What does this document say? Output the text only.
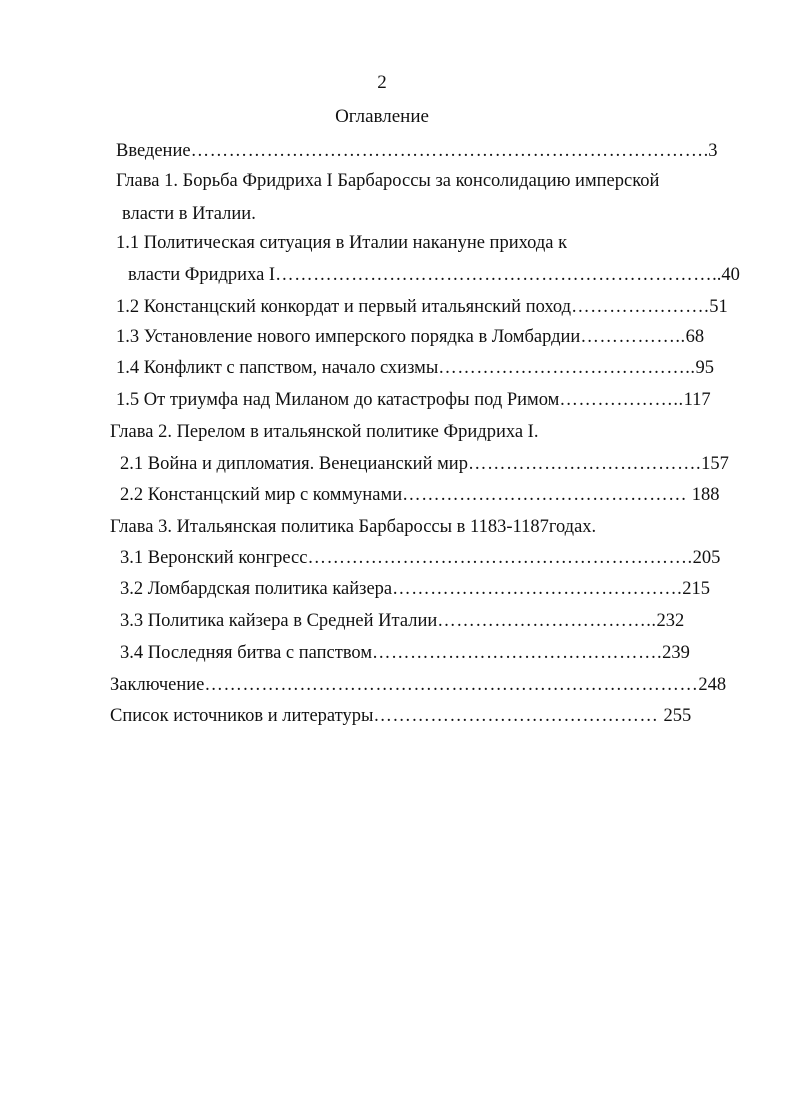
2
Оглавление
Введение……………………………………………………………………….3
Глава 1. Борьба Фридриха I Барбароссы за консолидацию имперской
власти в Италии.
1.1 Политическая ситуация в Италии накануне прихода к
власти Фридриха I……………………………………………………………..40
1.2 Констанцский конкордат и первый итальянский поход………………….51
1.3 Установление нового имперского порядка в Ломбардии……………..68
1.4 Конфликт с папством, начало схизмы…………………………………..95
1.5 От триумфа над Миланом до катастрофы под Римом………………..117
Глава 2. Перелом в итальянской политике Фридриха I.
2.1 Война и дипломатия. Венецианский мир……………………………….157
2.2 Констанцский мир с коммунами……………………………………… 188
Глава 3. Итальянская политика Барбароссы в 1183-1187годах.
3.1 Веронский конгресс…………………………………………………….205
3.2 Ломбардская политика кайзера……………………………………….215
3.3 Политика кайзера в Средней Италии……………………………..232
3.4 Последняя битва с папством……………………………………….239
Заключение……………………………………………………………………248
Список источников и литературы……………………………………… 255
